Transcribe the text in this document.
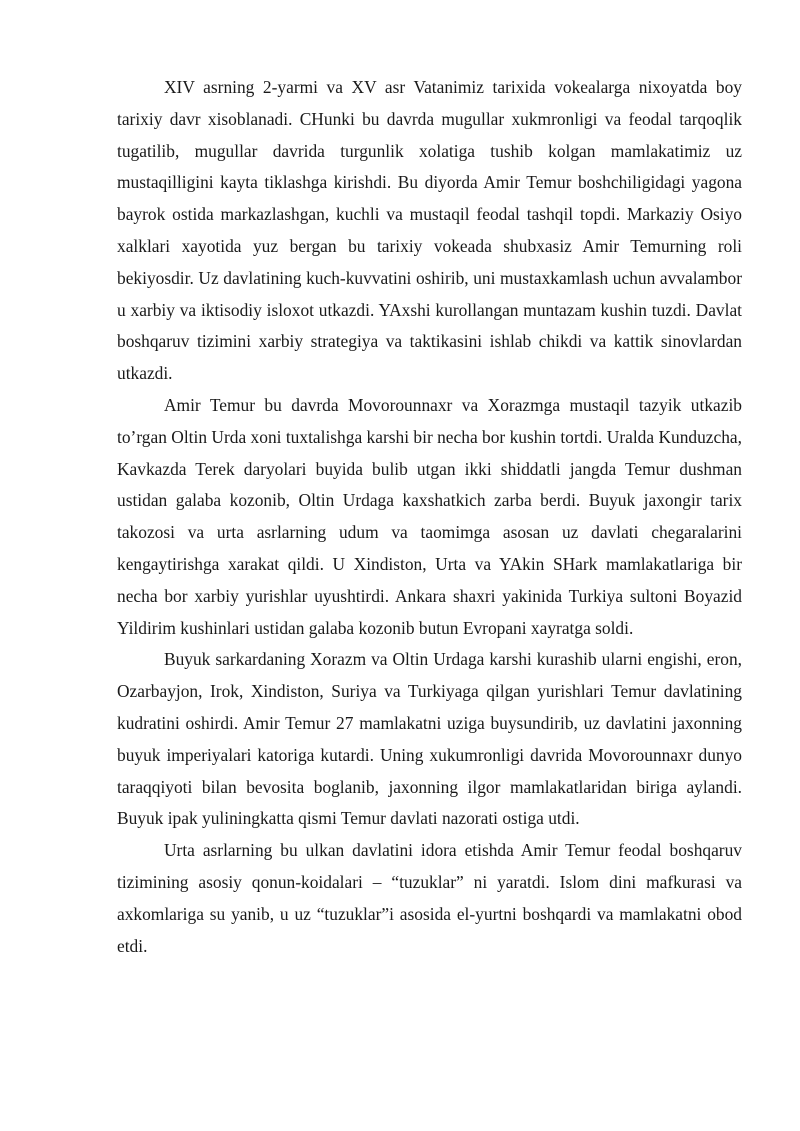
XIV asrning 2-yarmi va XV asr Vatanimiz tarixida vokealarga nixoyatda boy tarixiy davr xisoblanadi. CHunki bu davrda mugullar xukmronligi va feodal tarqoqlik tugatilib, mugullar davrida turgunlik xolatiga tushib kolgan mamlakatimiz uz mustaqilligini kayta tiklashga kirishdi. Bu diyorda Amir Temur boshchiligidagi yagona bayrok ostida markazlashgan, kuchli va mustaqil feodal tashqil topdi. Markaziy Osiyo xalklari xayotida yuz bergan bu tarixiy vokeada shubxasiz Amir Temurning roli bekiyosdir. Uz davlatining kuch-kuvvatini oshirib, uni mustaxkamlash uchun avvalambor u xarbiy va iktisodiy isloxot utkazdi. YAxshi kurollangan muntazam kushin tuzdi. Davlat boshqaruv tizimini xarbiy strategiya va taktikasini ishlab chikdi va kattik sinovlardan utkazdi.

Amir Temur bu davrda Movorounnaxr va Xorazmga mustaqil tazyik utkazib to’rgan Oltin Urda xoni tuxtalishga karshi bir necha bor kushin tortdi. Uralda Kunduzcha, Kavkazda Terek daryolari buyida bulib utgan ikki shiddatli jangda Temur dushman ustidan galaba kozonib, Oltin Urdaga kaxshatkich zarba berdi. Buyuk jaxongir tarix takozosi va urta asrlarning udum va taomimga asosan uz davlati chegaralarini kengaytirishga xarakat qildi. U Xindiston, Urta va YAkin SHark mamlakatlariga bir necha bor xarbiy yurishlar uyushtirdi. Ankara shaxri yakinida Turkiya sultoni Boyazid Yildirim kushinlari ustidan galaba kozonib butun Evropani xayratga soldi.

Buyuk sarkardaning Xorazm va Oltin Urdaga karshi kurashib ularni engishi, eron, Ozarbayjon, Irok, Xindiston, Suriya va Turkiyaga qilgan yurishlari Temur davlatining kudratini oshirdi. Amir Temur 27 mamlakatni uziga buysundirib, uz davlatini jaxonning buyuk imperiyalari katoriga kutardi. Uning xukumronligi davrida Movorounnaxr dunyo taraqqiyoti bilan bevosita boglanib, jaxonning ilgor mamlakatlaridan biriga aylandi. Buyuk ipak yuliningkatta qismi Temur davlati nazorati ostiga utdi.

Urta asrlarning bu ulkan davlatini idora etishda Amir Temur feodal boshqaruv tizimining asosiy qonun-koidalari – “tuzuklar” ni yaratdi. Islom dini mafkurasi va axkomlariga su yanib, u uz “tuzuklar”i asosida el-yurtni boshqardi va mamlakatni obod etdi.
